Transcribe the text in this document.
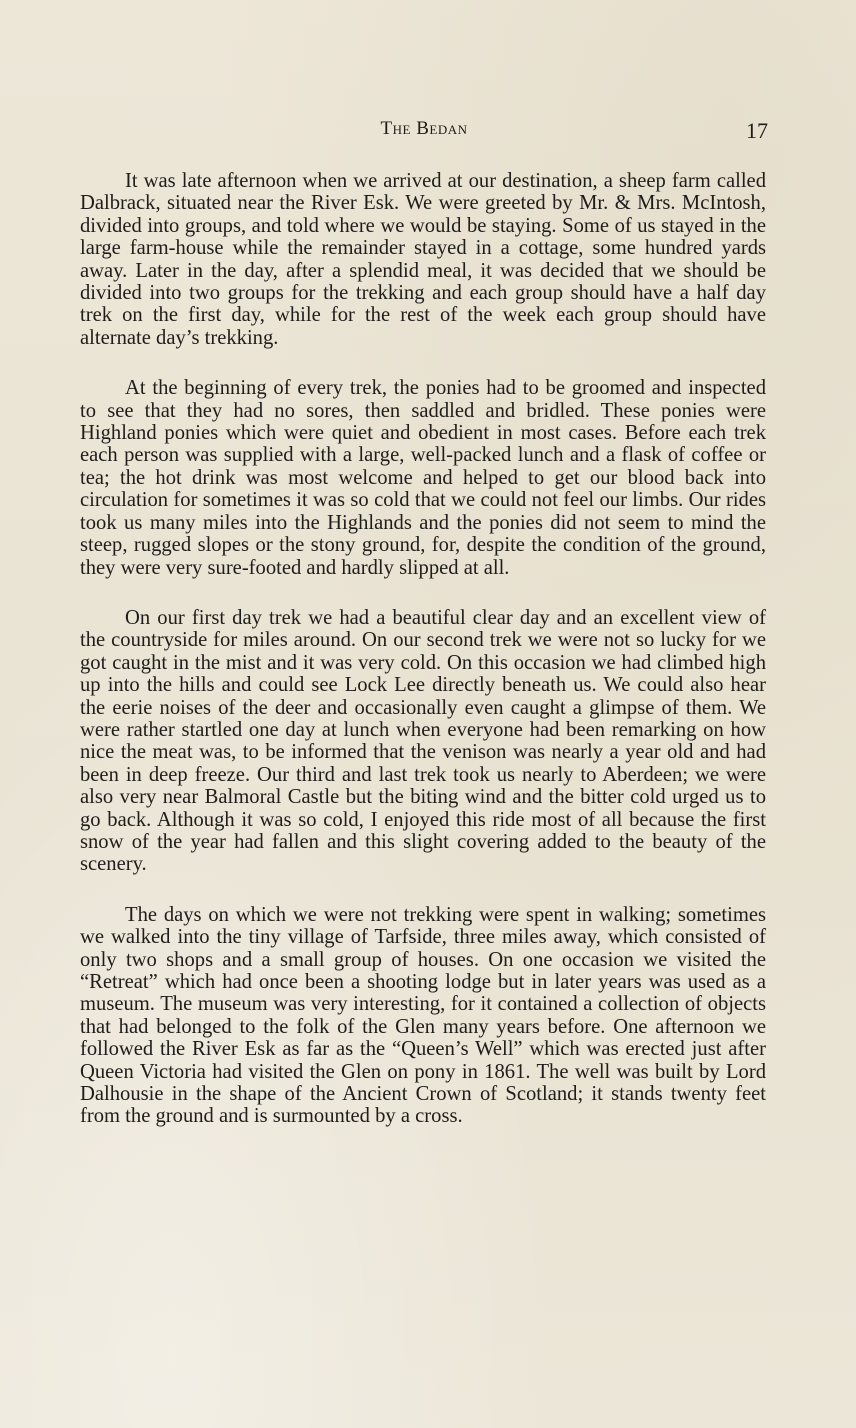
The Bedan	17

It was late afternoon when we arrived at our destination, a sheep farm called Dalbrack, situated near the River Esk. We were greeted by Mr. & Mrs. McIntosh, divided into groups, and told where we would be staying. Some of us stayed in the large farm-house while the remainder stayed in a cottage, some hundred yards away. Later in the day, after a splendid meal, it was decided that we should be divided into two groups for the trekking and each group should have a half day trek on the first day, while for the rest of the week each group should have alternate day’s trekking.

At the beginning of every trek, the ponies had to be groomed and inspected to see that they had no sores, then saddled and bridled. These ponies were Highland ponies which were quiet and obedient in most cases. Before each trek each person was supplied with a large, well-packed lunch and a flask of coffee or tea; the hot drink was most welcome and helped to get our blood back into circulation for sometimes it was so cold that we could not feel our limbs. Our rides took us many miles into the Highlands and the ponies did not seem to mind the steep, rugged slopes or the stony ground, for, despite the condition of the ground, they were very sure-footed and hardly slipped at all.

On our first day trek we had a beautiful clear day and an excellent view of the countryside for miles around. On our second trek we were not so lucky for we got caught in the mist and it was very cold. On this occasion we had climbed high up into the hills and could see Lock Lee directly beneath us. We could also hear the eerie noises of the deer and occasionally even caught a glimpse of them. We were rather startled one day at lunch when everyone had been remarking on how nice the meat was, to be informed that the venison was nearly a year old and had been in deep freeze. Our third and last trek took us nearly to Aberdeen; we were also very near Balmoral Castle but the biting wind and the bitter cold urged us to go back. Although it was so cold, I enjoyed this ride most of all because the first snow of the year had fallen and this slight covering added to the beauty of the scenery.

The days on which we were not trekking were spent in walking; sometimes we walked into the tiny village of Tarfside, three miles away, which consisted of only two shops and a small group of houses. On one occasion we visited the “Retreat” which had once been a shooting lodge but in later years was used as a museum. The museum was very interesting, for it contained a collection of objects that had belonged to the folk of the Glen many years before. One afternoon we followed the River Esk as far as the “Queen’s Well” which was erected just after Queen Victoria had visited the Glen on pony in 1861. The well was built by Lord Dalhousie in the shape of the Ancient Crown of Scotland; it stands twenty feet from the ground and is surmounted by a cross.
